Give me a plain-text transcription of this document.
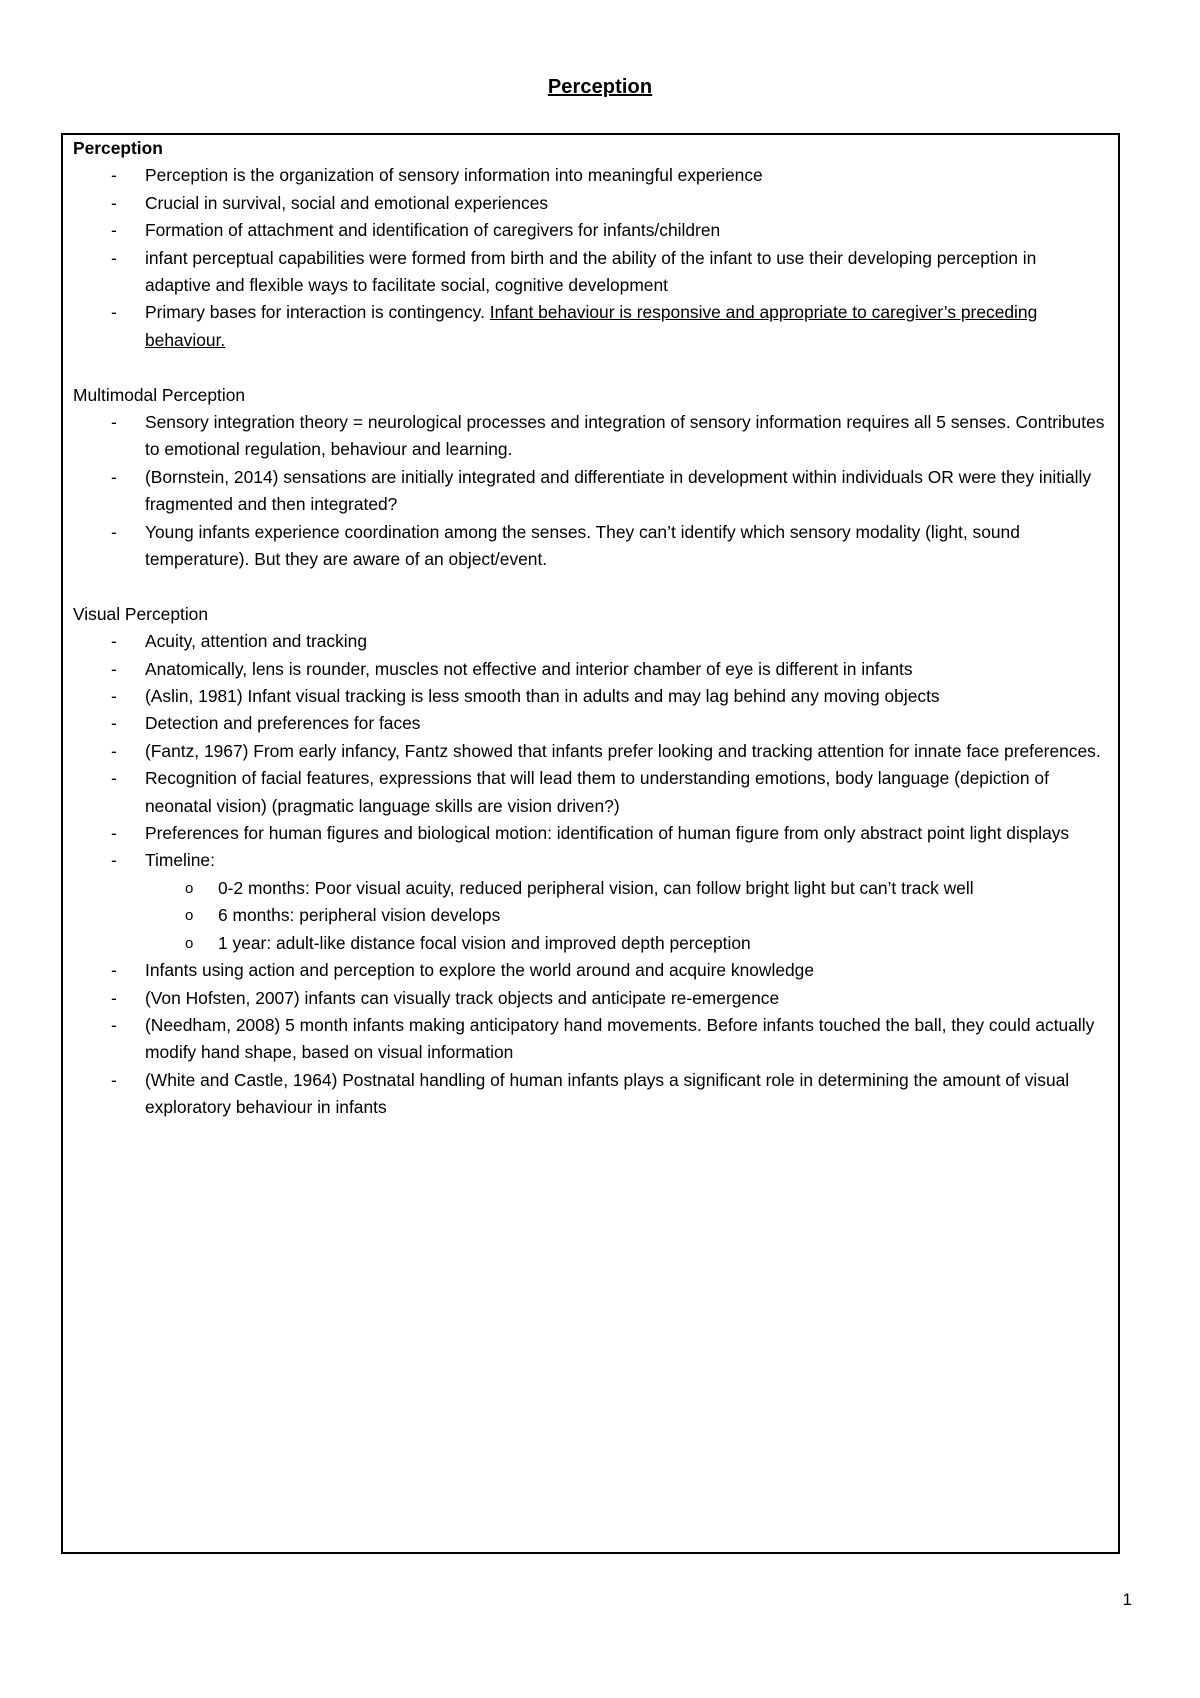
Perception
Perception
- Perception is the organization of sensory information into meaningful experience
- Crucial in survival, social and emotional experiences
- Formation of attachment and identification of caregivers for infants/children
- infant perceptual capabilities were formed from birth and the ability of the infant to use their developing perception in adaptive and flexible ways to facilitate social, cognitive development
- Primary bases for interaction is contingency. Infant behaviour is responsive and appropriate to caregiver’s preceding behaviour.
Multimodal Perception
- Sensory integration theory = neurological processes and integration of sensory information requires all 5 senses. Contributes to emotional regulation, behaviour and learning.
- (Bornstein, 2014) sensations are initially integrated and differentiate in development within individuals OR were they initially fragmented and then integrated?
- Young infants experience coordination among the senses. They can’t identify which sensory modality (light, sound temperature). But they are aware of an object/event.
Visual Perception
- Acuity, attention and tracking
- Anatomically, lens is rounder, muscles not effective and interior chamber of eye is different in infants
- (Aslin, 1981) Infant visual tracking is less smooth than in adults and may lag behind any moving objects
- Detection and preferences for faces
- (Fantz, 1967) From early infancy, Fantz showed that infants prefer looking and tracking attention for innate face preferences.
- Recognition of facial features, expressions that will lead them to understanding emotions, body language (depiction of neonatal vision) (pragmatic language skills are vision driven?)
- Preferences for human figures and biological motion: identification of human figure from only abstract point light displays
- Timeline:
o 0-2 months: Poor visual acuity, reduced peripheral vision, can follow bright light but can’t track well
o 6 months: peripheral vision develops
o 1 year: adult-like distance focal vision and improved depth perception
- Infants using action and perception to explore the world around and acquire knowledge
- (Von Hofsten, 2007) infants can visually track objects and anticipate re-emergence
- (Needham, 2008) 5 month infants making anticipatory hand movements. Before infants touched the ball, they could actually modify hand shape, based on visual information
- (White and Castle, 1964) Postnatal handling of human infants plays a significant role in determining the amount of visual exploratory behaviour in infants
1
